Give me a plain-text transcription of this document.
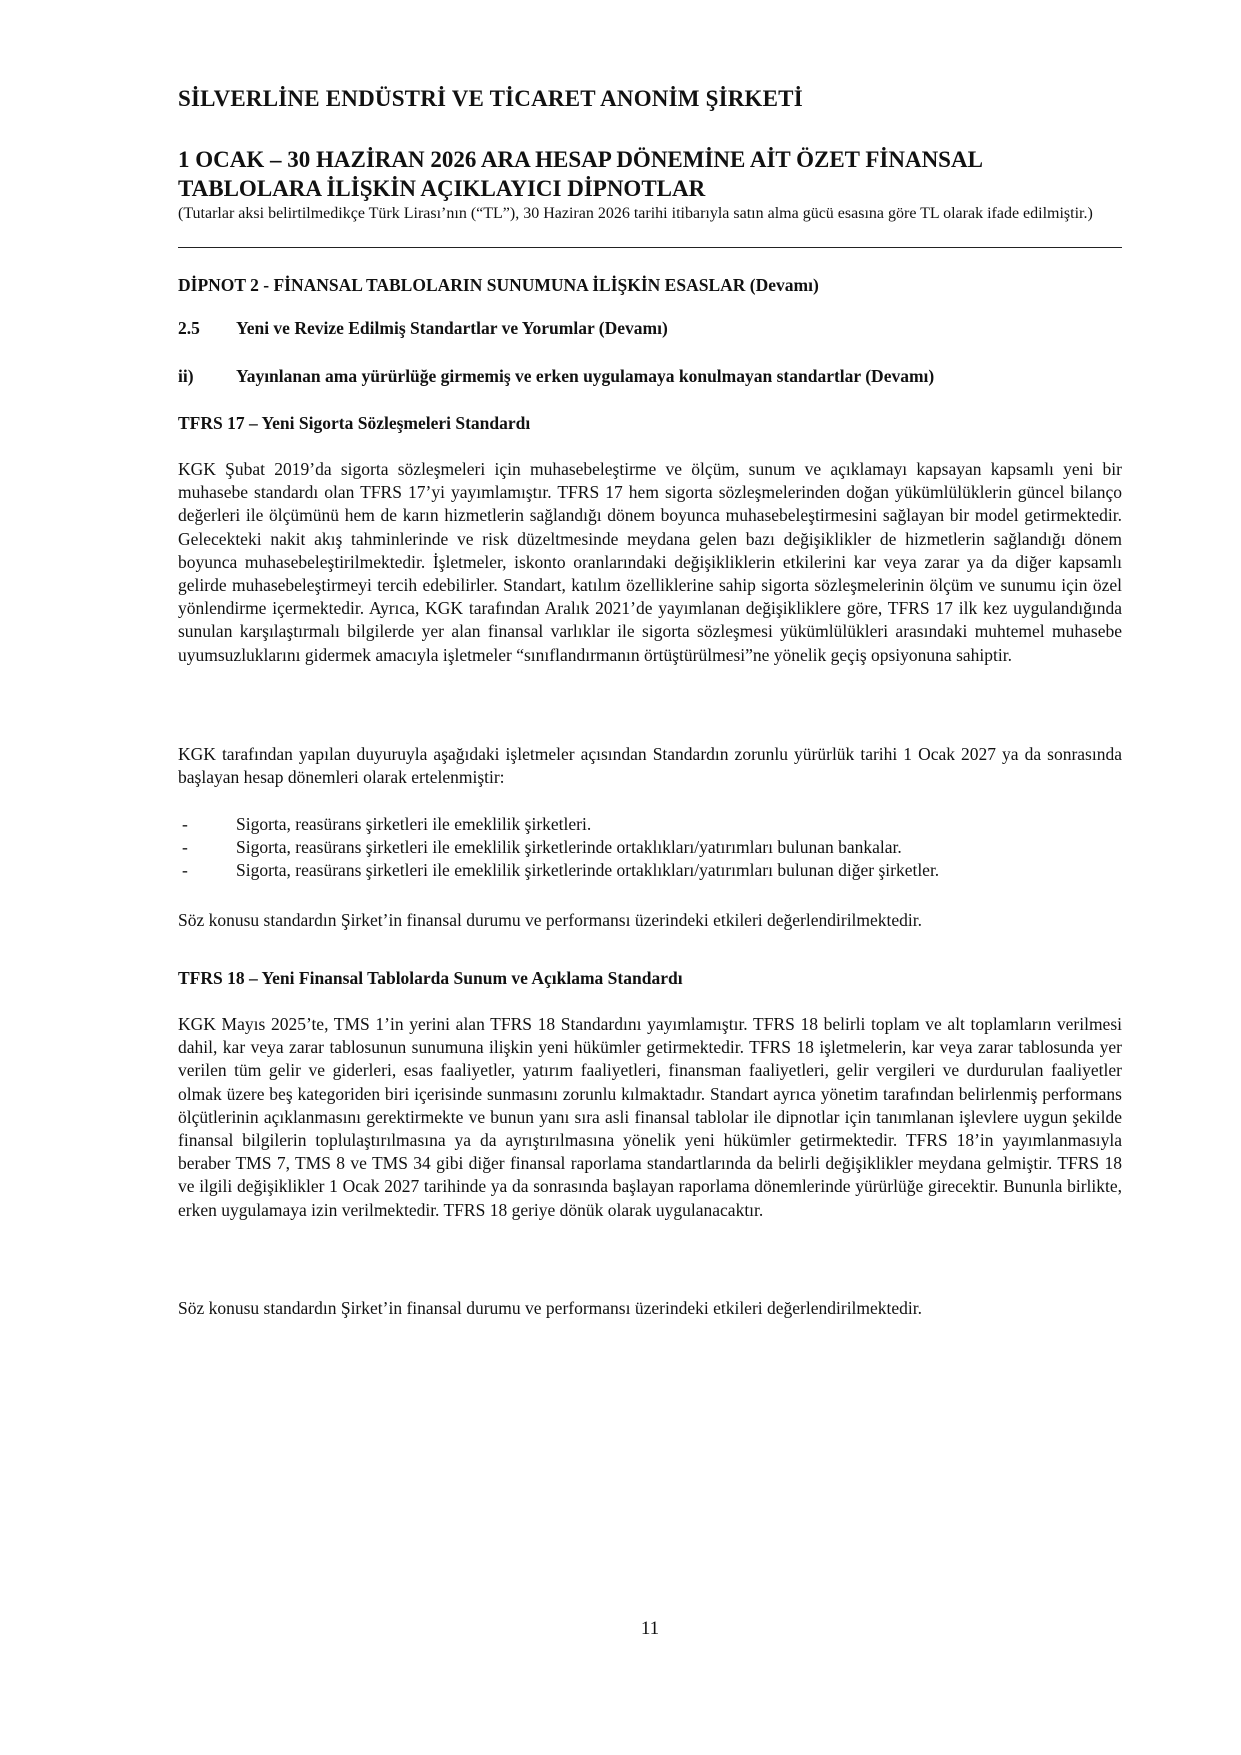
SİLVERLİNE ENDÜSTRİ VE TİCARET ANONİM ŞİRKETİ
1 OCAK – 30 HAZİRAN 2026 ARA HESAP DÖNEMİNE AİT ÖZET FİNANSAL
TABLOLARA İLİŞKİN AÇIKLAYICI DİPNOTLAR
(Tutarlar aksi belirtilmedikçe Türk Lirası’nın (“TL”), 30 Haziran 2026 tarihi itibarıyla satın alma gücü esasına göre TL olarak ifade edilmiştir.)
DİPNOT 2 - FİNANSAL TABLOLARIN SUNUMUNA İLİŞKİN ESASLAR (Devamı)
2.5 Yeni ve Revize Edilmiş Standartlar ve Yorumlar (Devamı)
ii) Yayınlanan ama yürürlüğe girmemiş ve erken uygulamaya konulmayan standartlar (Devamı)
TFRS 17 – Yeni Sigorta Sözleşmeleri Standardı
KGK Şubat 2019’da sigorta sözleşmeleri için muhasebeleştirme ve ölçüm, sunum ve açıklamayı kapsayan kapsamlı yeni bir muhasebe standardı olan TFRS 17’yi yayımlamıştır. TFRS 17 hem sigorta sözleşmelerinden doğan yükümlülüklerin güncel bilanço değerleri ile ölçümünü hem de karın hizmetlerin sağlandığı dönem boyunca muhasebeleştirmesini sağlayan bir model getirmektedir. Gelecekteki nakit akış tahminlerinde ve risk düzeltmesinde meydana gelen bazı değişiklikler de hizmetlerin sağlandığı dönem boyunca muhasebeleştirilmektedir. İşletmeler, iskonto oranlarındaki değişikliklerin etkilerini kar veya zarar ya da diğer kapsamlı gelirde muhasebeleştirmeyi tercih edebilirler. Standart, katılım özelliklerine sahip sigorta sözleşmelerinin ölçüm ve sunumu için özel yönlendirme içermektedir. Ayrıca, KGK tarafından Aralık 2021’de yayımlanan değişikliklere göre, TFRS 17 ilk kez uygulandığında sunulan karşılaştırmalı bilgilerde yer alan finansal varlıklar ile sigorta sözleşmesi yükümlülükleri arasındaki muhtemel muhasebe uyumsuzluklarını gidermek amacıyla işletmeler “sınıflandırmanın örtüştürülmesi”ne yönelik geçiş opsiyonuna sahiptir.
KGK tarafından yapılan duyuruyla aşağıdaki işletmeler açısından Standardın zorunlu yürürlük tarihi 1 Ocak 2027 ya da sonrasında başlayan hesap dönemleri olarak ertelenmiştir:
-	Sigorta, reasürans şirketleri ile emeklilik şirketleri.
-	Sigorta, reasürans şirketleri ile emeklilik şirketlerinde ortaklıkları/yatırımları bulunan bankalar.
-	Sigorta, reasürans şirketleri ile emeklilik şirketlerinde ortaklıkları/yatırımları bulunan diğer şirketler.
Söz konusu standardın Şirket’in finansal durumu ve performansı üzerindeki etkileri değerlendirilmektedir.
TFRS 18 – Yeni Finansal Tablolarda Sunum ve Açıklama Standardı
KGK Mayıs 2025’te, TMS 1’in yerini alan TFRS 18 Standardını yayımlamıştır. TFRS 18 belirli toplam ve alt toplamların verilmesi dahil, kar veya zarar tablosunun sunumuna ilişkin yeni hükümler getirmektedir. TFRS 18 işletmelerin, kar veya zarar tablosunda yer verilen tüm gelir ve giderleri, esas faaliyetler, yatırım faaliyetleri, finansman faaliyetleri, gelir vergileri ve durdurulan faaliyetler olmak üzere beş kategoriden biri içerisinde sunmasını zorunlu kılmaktadır. Standart ayrıca yönetim tarafından belirlenmiş performans ölçütlerinin açıklanmasını gerektirmekte ve bunun yanı sıra asli finansal tablolar ile dipnotlar için tanımlanan işlevlere uygun şekilde finansal bilgilerin toplulaştırılmasına ya da ayrıştırılmasına yönelik yeni hükümler getirmektedir. TFRS 18’in yayımlanmasıyla beraber TMS 7, TMS 8 ve TMS 34 gibi diğer finansal raporlama standartlarında da belirli değişiklikler meydana gelmiştir. TFRS 18 ve ilgili değişiklikler 1 Ocak 2027 tarihinde ya da sonrasında başlayan raporlama dönemlerinde yürürlüğe girecektir. Bununla birlikte, erken uygulamaya izin verilmektedir. TFRS 18 geriye dönük olarak uygulanacaktır.
Söz konusu standardın Şirket’in finansal durumu ve performansı üzerindeki etkileri değerlendirilmektedir.
11
